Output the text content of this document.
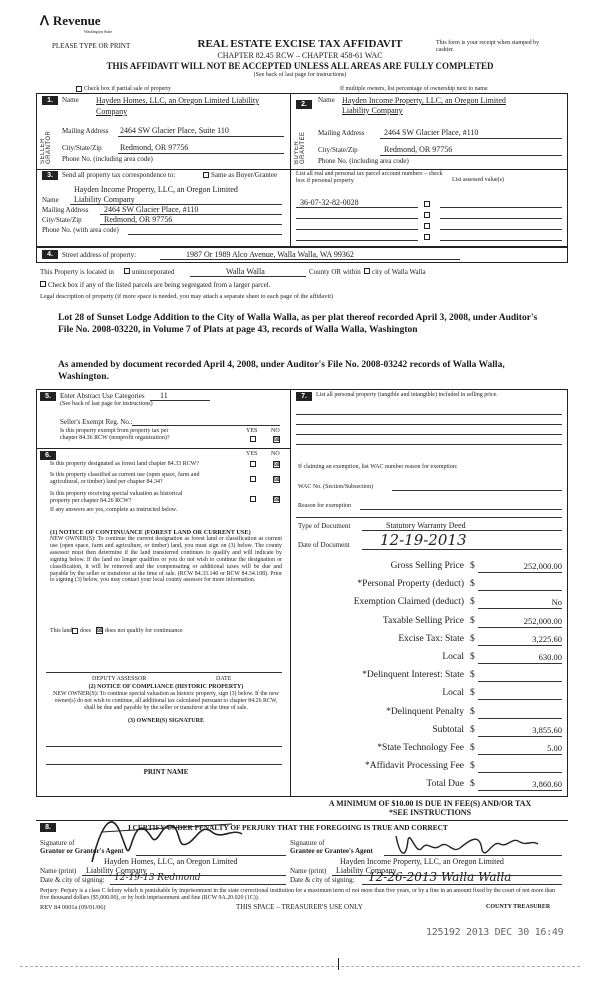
ᐱ Revenue
Washington State
PLEASE TYPE OR PRINT	REAL ESTATE EXCISE TAX AFFIDAVIT
CHAPTER 82.45 RCW – CHAPTER 458-61 WAC
THIS AFFIDAVIT WILL NOT BE ACCEPTED UNLESS ALL AREAS ARE FULLY COMPLETED
(See back of last page for instructions)
This form is your receipt when stamped by cashier.
Check box if partial sale of property	If multiple owners, list percentage of ownership next to name
1.
SELLER GRANTOR
Name Hayden Homes, LLC, an Oregon Limited Liability
Company
Mailing Address 2464 SW Glacier Place, Suite 110
City/State/Zip Redmond, OR 97756
Phone No. (including area code)
2.
BUYER GRANTEE
Name Hayden Income Property, LLC, an Oregon Limited
Liability Company
Mailing Address 2464 SW Glacier Place, #110
City/State/Zip	Redmond, OR 97756
Phone No. (including area code)
3.	Send all property tax correspondence to:	Same as Buyer/Grantee
Hayden Income Property, LLC, an Oregon Limited
Name Liability Company
Mailing Address 2464 SW Glacier Place, #110
City/State/Zip	Redmond, OR 97756
Phone No. (with area code)
List all real and personal tax parcel account numbers – check box if personal property	List assessed value(s)
36-07-32-82-0028
4.	Street address of property:	1987 Or 1989 Alco Avenue, Walla Walla, WA 99362
This Property is located in	unincorporated	Walla Walla	County OR within city of Walla Walla
Check box if any of the listed parcels are being segregated from a larger parcel.
Legal description of property (if more space is needed, you may attach a separate sheet to each page of the affidavit)
Lot 28 of Sunset Lodge Addition to the City of Walla Walla, as per plat thereof recorded April 3, 2008, under Auditor's File No. 2008-03220, in Volume 7 of Plats at page 43, records of Walla Walla, Washington
As amended by document recorded April 4, 2008, under Auditor's File No. 2008-03242 records of Walla Walla, Washington.
5.	Enter Abstract Use Categories 11
(See back of last page for instructions)
Seller's Exempt Reg. No.:
Is this property exempt from property tax per
chapter 84.36 RCW (nonprofit organization)?
YES NO
⊠
6.	YES NO
Is this property designated as forest land chapter 84.33 RCW?	⊠
Is this property classified as current use (open space, farm and
agricultural, or timber) land per chapter 84.34?	⊠
Is this property receiving special valuation as historical
property per chapter 84.26 RCW?	⊠
If any answers are yes, complete as instructed below.
(1) NOTICE OF CONTINUANCE (FOREST LAND OR CURRENT USE)
NEW OWNER(S): To continue the current designation as forest land or classification as current use (open space, farm and agriculture, or timber) land, you must sign on (3) below. The county assessor must then determine if the land transferred continues to qualify and will indicate by signing below. If the land no longer qualifies or you do not wish to continue the designation or classification, it will be removed and the compensating or additional taxes will be due and payable by the seller or transferor at the time of sale. (RCW 84.33.140 or RCW 84.34.108). Prior to signing (3) below, you may contact your local county assessor for more information.
This land does ⊠ does not qualify for continuance
DEPUTY ASSESSOR	DATE
(2) NOTICE OF COMPLIANCE (HISTORIC PROPERTY)
NEW OWNER(S): To continue special valuation as historic property, sign (3) below. If the new owner(s) do not wish to continue, all additional tax calculated pursuant to chapter 84.26 RCW, shall be due and payable by the seller or transferor at the time of sale.
(3) OWNER(S) SIGNATURE
PRINT NAME
7.	List all personal property (tangible and intangible) included in selling price.
If claiming an exemption, list WAC number reason for exemption:
WAC No. (Section/Subsection)
Reason for exemption
Type of Document	Statutory Warranty Deed
Date of Document 12-19-2013
Gross Selling Price $	252,000.00
*Personal Property (deduct) $
Exemption Claimed (deduct) $	No
Taxable Selling Price $	252,000.00
Excise Tax: State $	3,225.60
Local $	630.00
*Delinquent Interest: State $
Local $
*Delinquent Penalty $
Subtotal $	3,855.60
*State Technology Fee $	5.00
*Affidavit Processing Fee $
Total Due $	3,860.60
A MINIMUM OF $10.00 IS DUE IN FEE(S) AND/OR TAX
*SEE INSTRUCTIONS
8.	I CERTIFY UNDER PENALTY OF PERJURY THAT THE FOREGOING IS TRUE AND CORRECT
Signature of
Grantor or Grantor's Agent
Hayden Homes, LLC, an Oregon Limited
Name (print) Liability Company
Date & city of signing: 12-19-13 Redmond
Signature of
Grantee or Grantee's Agent
Hayden Income Property, LLC, an Oregon Limited
Name (print) Liability Company
Date & city of signing: 12-26-2013 Walla Walla
Perjury: Perjury is a class C felony which is punishable by imprisonment in the state correctional institution for a maximum term of not more than five years, or by a fine in an amount fixed by the court of not more than five thousand dollars ($5,000.00), or by both imprisonment and fine (RCW 9A.20.020 (1C)).
REV 84 0001a (09/01/06)	THIS SPACE – TREASURER'S USE ONLY	COUNTY TREASURER
125192 2013 DEC 30 16:49
